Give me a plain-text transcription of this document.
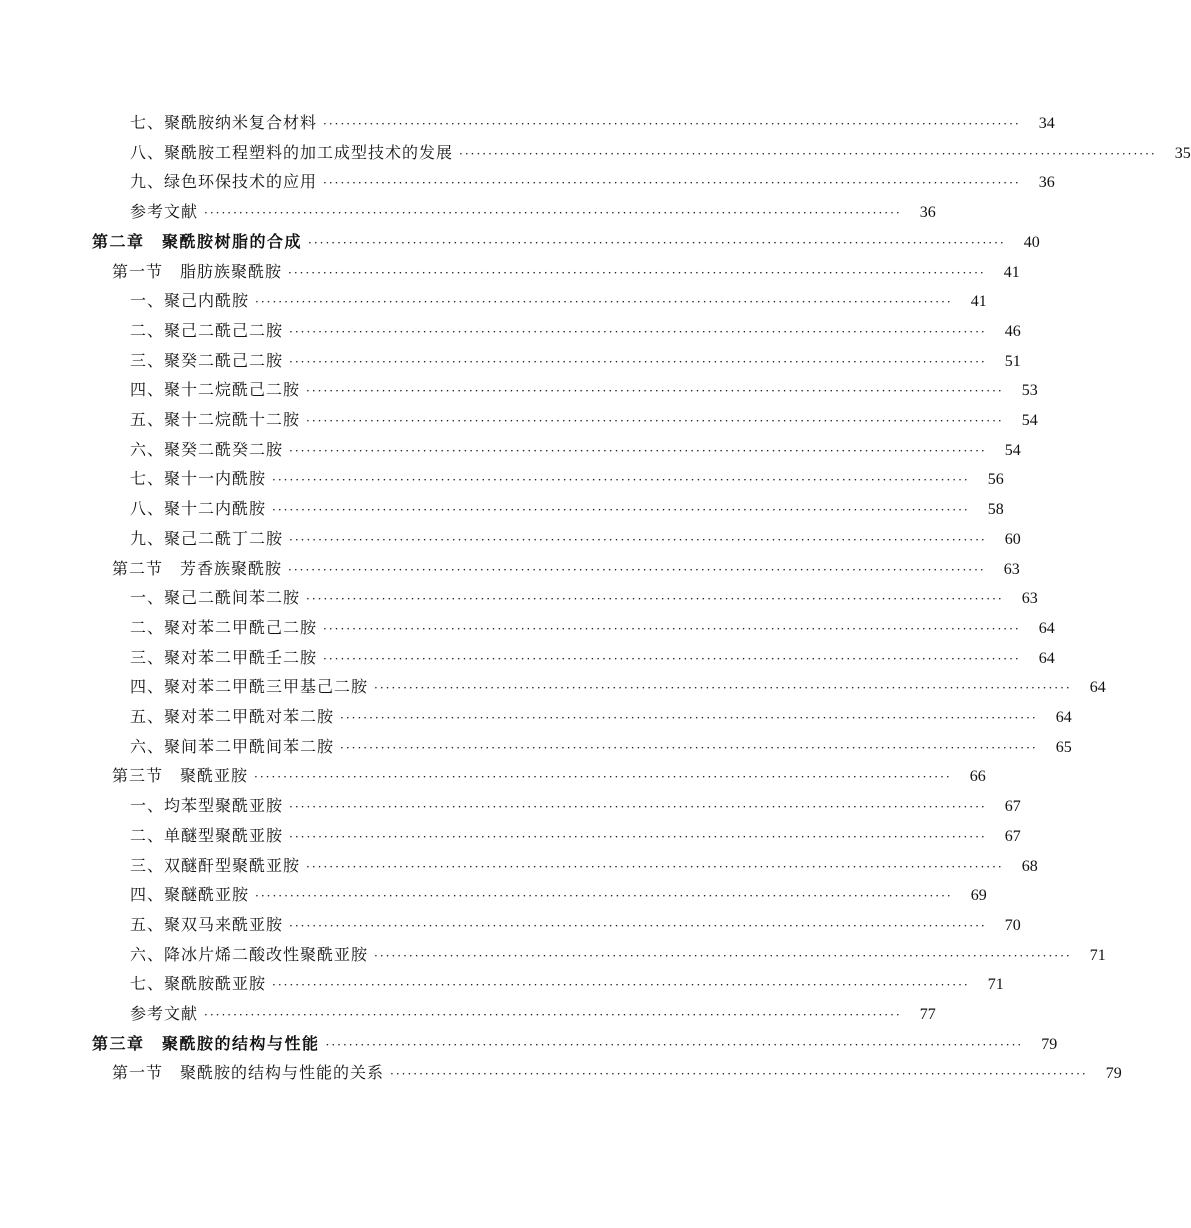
七、聚酰胺纳米复合材料 ························································································································	34
八、聚酰胺工程塑料的加工成型技术的发展 ························································································································	35
九、绿色环保技术的应用 ························································································································	36
参考文献 ························································································································	36
第二章　聚酰胺树脂的合成 ························································································································	40
第一节　脂肪族聚酰胺 ························································································································	41
一、聚己内酰胺 ························································································································	41
二、聚己二酰己二胺 ························································································································	46
三、聚癸二酰己二胺 ························································································································	51
四、聚十二烷酰己二胺 ························································································································	53
五、聚十二烷酰十二胺 ························································································································	54
六、聚癸二酰癸二胺 ························································································································	54
七、聚十一内酰胺 ························································································································	56
八、聚十二内酰胺 ························································································································	58
九、聚己二酰丁二胺 ························································································································	60
第二节　芳香族聚酰胺 ························································································································	63
一、聚己二酰间苯二胺 ························································································································	63
二、聚对苯二甲酰己二胺 ························································································································	64
三、聚对苯二甲酰壬二胺 ························································································································	64
四、聚对苯二甲酰三甲基己二胺 ························································································································	64
五、聚对苯二甲酰对苯二胺 ························································································································	64
六、聚间苯二甲酰间苯二胺 ························································································································	65
第三节　聚酰亚胺 ························································································································	66
一、均苯型聚酰亚胺 ························································································································	67
二、单醚型聚酰亚胺 ························································································································	67
三、双醚酐型聚酰亚胺 ························································································································	68
四、聚醚酰亚胺 ························································································································	69
五、聚双马来酰亚胺 ························································································································	70
六、降冰片烯二酸改性聚酰亚胺 ························································································································	71
七、聚酰胺酰亚胺 ························································································································	71
参考文献 ························································································································	77
第三章　聚酰胺的结构与性能 ························································································································	79
第一节　聚酰胺的结构与性能的关系 ························································································································	79
